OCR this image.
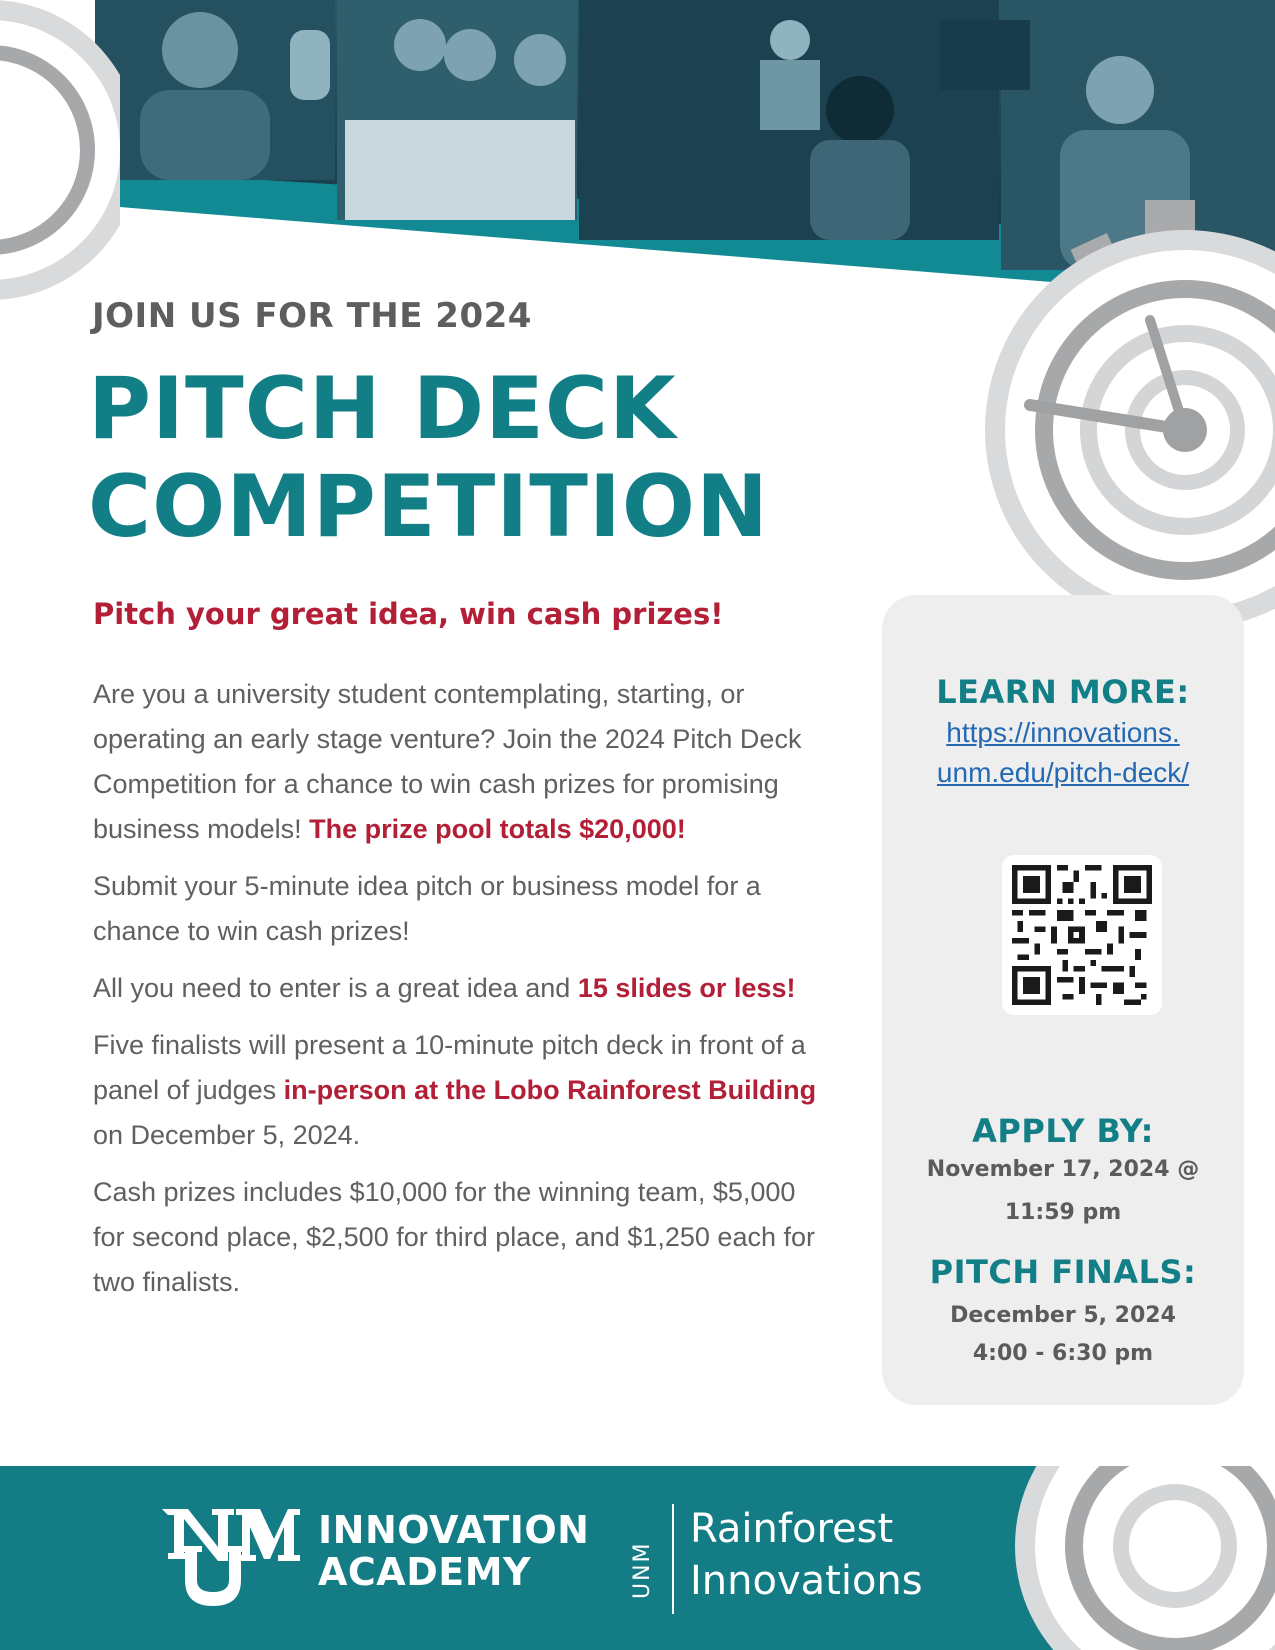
JOIN US FOR THE 2024
PITCH DECK
COMPETITION
Pitch your great idea, win cash prizes!

Are you a university student contemplating, starting, or operating an early stage venture? Join the 2024 Pitch Deck Competition for a chance to win cash prizes for promising business models! The prize pool totals $20,000!

Submit your 5-minute idea pitch or business model for a chance to win cash prizes!

All you need to enter is a great idea and 15 slides or less!

Five finalists will present a 10-minute pitch deck in front of a panel of judges in-person at the Lobo Rainforest Building on December 5, 2024.

Cash prizes includes $10,000 for the winning team, $5,000 for second place, $2,500 for third place, and $1,250 each for two finalists.

LEARN MORE:
https://innovations.
unm.edu/pitch-deck/
APPLY BY:
November 17, 2024 @
11:59 pm
PITCH FINALS:
December 5, 2024
4:00 - 6:30 pm
INNOVATION
ACADEMY	UNM
Rainforest
Innovations
